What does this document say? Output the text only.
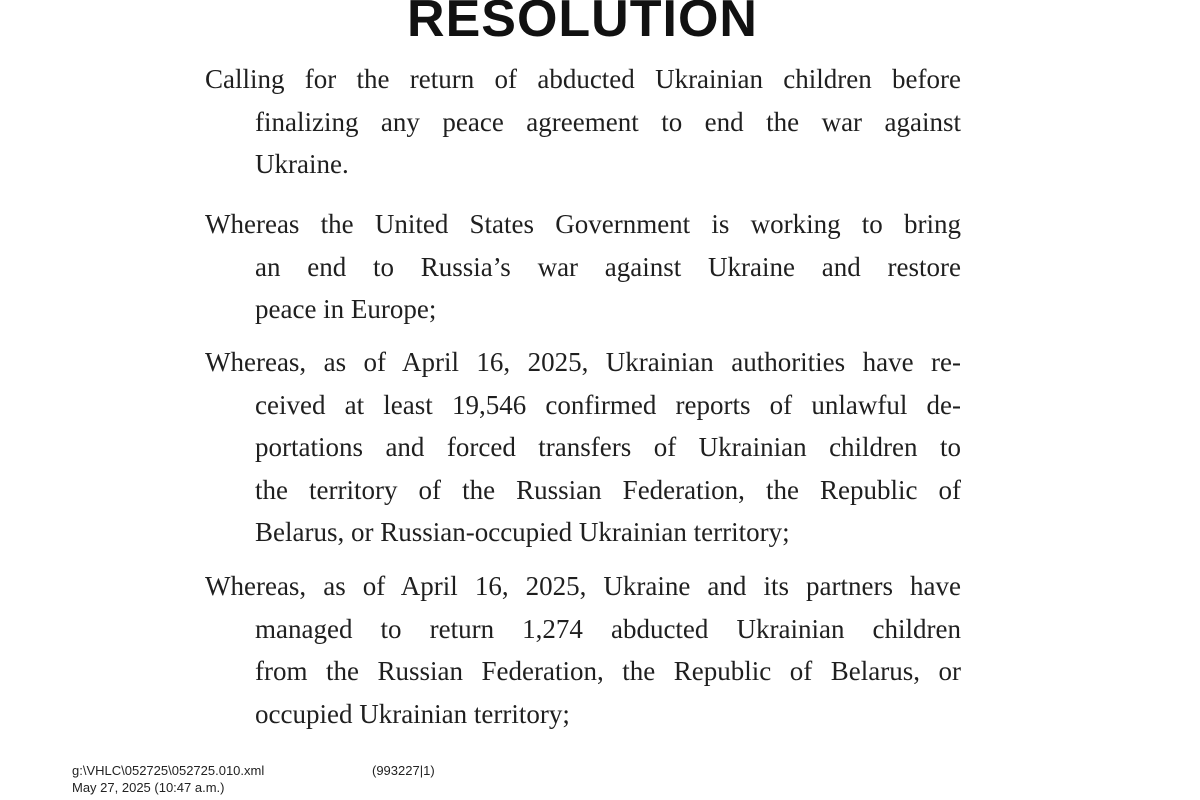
RESOLUTION
Calling for the return of abducted Ukrainian children before
finalizing any peace agreement to end the war against
Ukraine.
Whereas the United States Government is working to bring
an end to Russia’s war against Ukraine and restore
peace in Europe;
Whereas, as of April 16, 2025, Ukrainian authorities have re-
ceived at least 19,546 confirmed reports of unlawful de-
portations and forced transfers of Ukrainian children to
the territory of the Russian Federation, the Republic of
Belarus, or Russian-occupied Ukrainian territory;
Whereas, as of April 16, 2025, Ukraine and its partners have
managed to return 1,274 abducted Ukrainian children
from the Russian Federation, the Republic of Belarus, or
occupied Ukrainian territory;
g:\VHLC\052725\052725.010.xml
May 27, 2025 (10:47 a.m.)
(993227|1)
